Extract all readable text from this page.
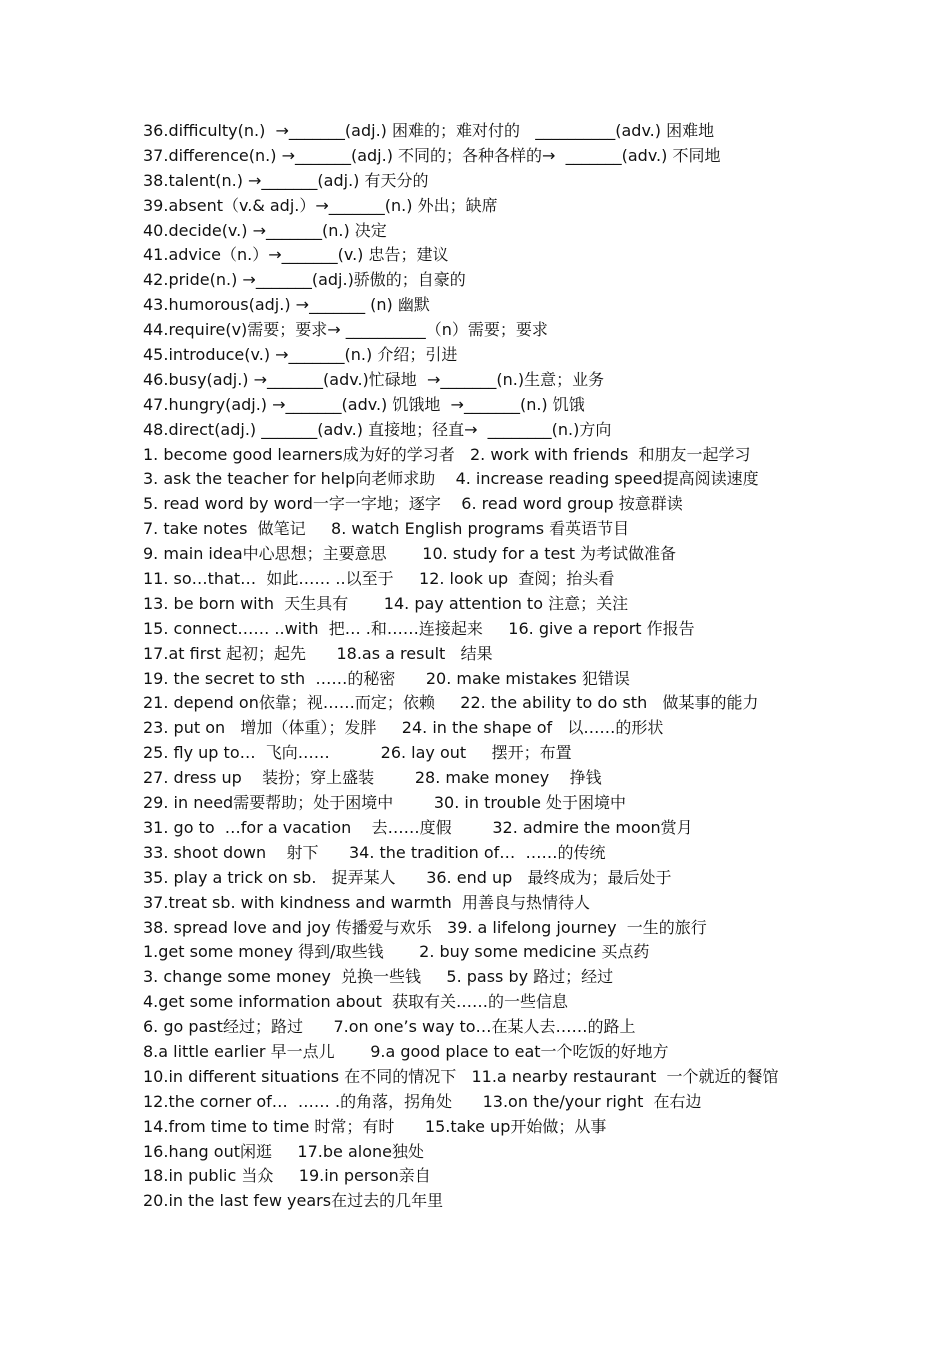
36.difficulty(n.)  →_______(adj.) 困难的；难对付的   __________(adv.) 困难地
37.difference(n.) →_______(adj.) 不同的；各种各样的→  _______(adv.) 不同地
38.talent(n.) →_______(adj.) 有天分的
39.absent（v.& adj.）→_______(n.) 外出；缺席
40.decide(v.) →_______(n.) 决定
41.advice（n.）→_______(v.) 忠告；建议
42.pride(n.) →_______(adj.)骄傲的；自豪的
43.humorous(adj.) →_______ (n) 幽默
44.require(v)需要；要求→ __________（n）需要；要求
45.introduce(v.) →_______(n.) 介绍；引进
46.busy(adj.) →_______(adv.)忙碌地  →_______(n.)生意；业务
47.hungry(adj.) →_______(adv.) 饥饿地  →_______(n.) 饥饿
48.direct(adj.) _______(adv.) 直接地；径直→  ________(n.)方向
1. become good learners成为好的学习者   2. work with friends  和朋友一起学习
3. ask the teacher for help向老师求助    4. increase reading speed提高阅读速度
5. read word by word一字一字地；逐字    6. read word group 按意群读
7. take notes  做笔记     8. watch English programs 看英语节目
9. main idea中心思想；主要意思       10. study for a test 为考试做准备
11. so…that…  如此…… ..以至于     12. look up  查阅；抬头看
13. be born with  天生具有       14. pay attention to 注意；关注
15. connect…… ..with  把… .和……连接起来     16. give a report 作报告
17.at first 起初；起先      18.as a result   结果
19. the secret to sth  ……的秘密      20. make mistakes 犯错误
21. depend on依靠；视……而定；依赖     22. the ability to do sth   做某事的能力
23. put on   增加（体重）；发胖     24. in the shape of   以……的形状
25. fly up to…  飞向……          26. lay out     摆开；布置
27. dress up    装扮；穿上盛装        28. make money    挣钱
29. in need需要帮助；处于困境中        30. in trouble 处于困境中
31. go to  …for a vacation    去……度假        32. admire the moon赏月
33. shoot down    射下      34. the tradition of…  ……的传统
35. play a trick on sb.   捉弄某人      36. end up   最终成为；最后处于
37.treat sb. with kindness and warmth  用善良与热情待人
38. spread love and joy 传播爱与欢乐   39. a lifelong journey  一生的旅行
1.get some money 得到/取些钱       2. buy some medicine 买点药
3. change some money  兑换一些钱     5. pass by 路过；经过
4.get some information about  获取有关……的一些信息
6. go past经过；路过      7.on one’s way to…在某人去……的路上
8.a little earlier 早一点儿       9.a good place to eat一个吃饭的好地方
10.in different situations 在不同的情况下   11.a nearby restaurant  一个就近的餐馆
12.the corner of…  …… .的角落，拐角处      13.on the/your right  在右边
14.from time to time 时常；有时      15.take up开始做；从事
16.hang out闲逛     17.be alone独处
18.in public 当众     19.in person亲自
20.in the last few years在过去的几年里
